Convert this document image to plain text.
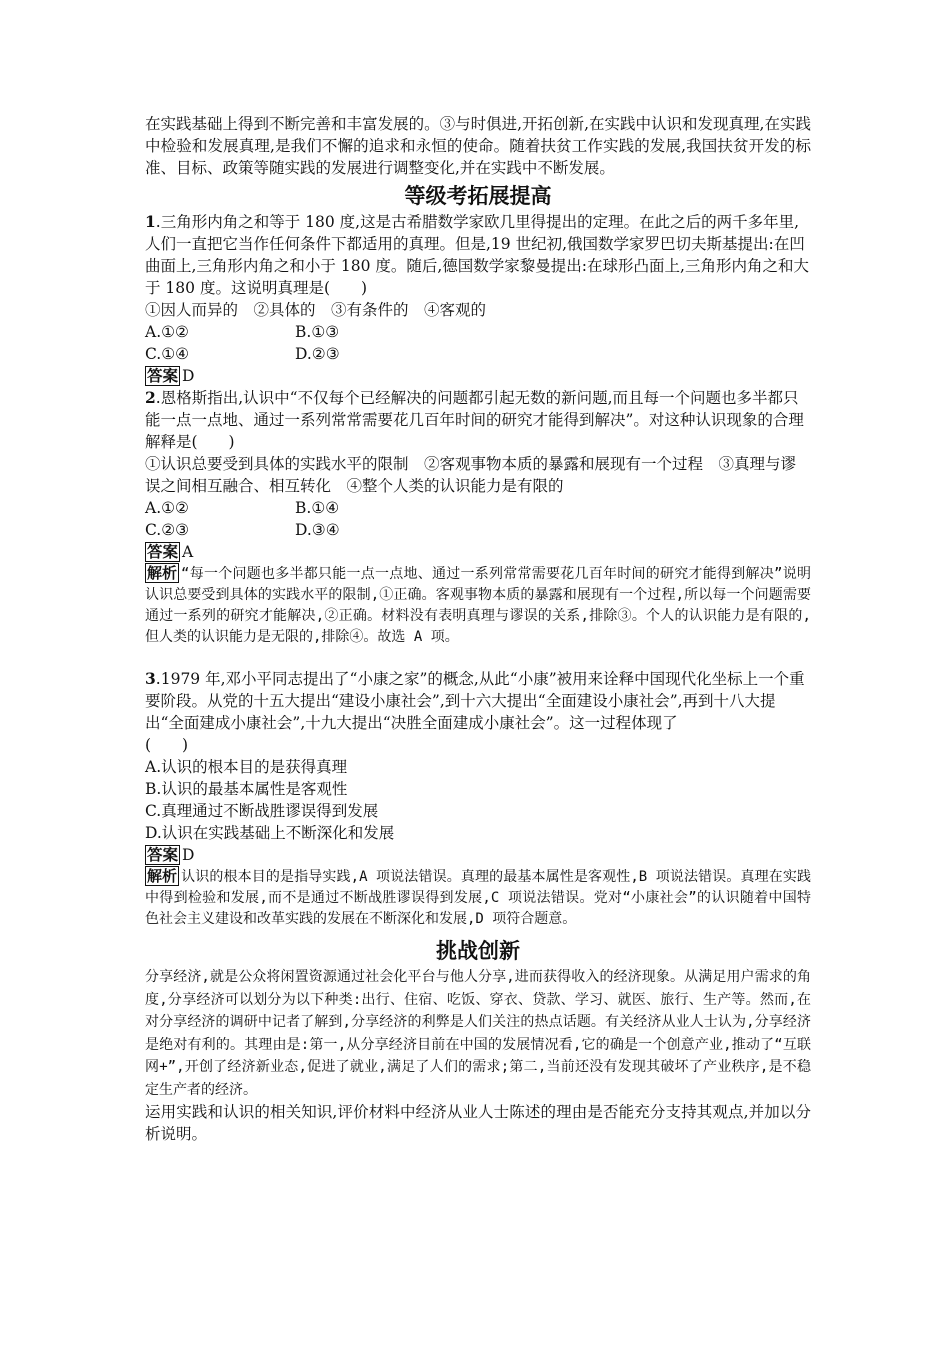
在实践基础上得到不断完善和丰富发展的。③与时俱进,开拓创新,在实践中认识和发现真理,在实践中检验和发展真理,是我们不懈的追求和永恒的使命。随着扶贫工作实践的发展,我国扶贫开发的标准、目标、政策等随实践的发展进行调整变化,并在实践中不断发展。

等级考拓展提高

1.三角形内角之和等于 180 度,这是古希腊数学家欧几里得提出的定理。在此之后的两千多年里,人们一直把它当作任何条件下都适用的真理。但是,19 世纪初,俄国数学家罗巴切夫斯基提出:在凹曲面上,三角形内角之和小于 180 度。随后,德国数学家黎曼提出:在球形凸面上,三角形内角之和大于 180 度。这说明真理是(　　)

①因人而异的　②具体的　③有条件的　④客观的

A.①②	B.①③
C.①④	D.②③

答案 D

2.恩格斯指出,认识中“不仅每个已经解决的问题都引起无数的新问题,而且每一个问题也多半都只能一点一点地、通过一系列常常需要花几百年时间的研究才能得到解决”。对这种认识现象的合理解释是(　　)

①认识总要受到具体的实践水平的限制　②客观事物本质的暴露和展现有一个过程　③真理与谬误之间相互融合、相互转化　④整个人类的认识能力是有限的

A.①②	B.①④
C.②③	D.③④

答案 A

解析 “每一个问题也多半都只能一点一点地、通过一系列常常需要花几百年时间的研究才能得到解决”说明认识总要受到具体的实践水平的限制,①正确。客观事物本质的暴露和展现有一个过程,所以每一个问题需要通过一系列的研究才能解决,②正确。材料没有表明真理与谬误的关系,排除③。个人的认识能力是有限的,但人类的认识能力是无限的,排除④。故选 A 项。

3.1979 年,邓小平同志提出了“小康之家”的概念,从此“小康”被用来诠释中国现代化坐标上一个重要阶段。从党的十五大提出“建设小康社会”,到十六大提出“全面建设小康社会”,再到十八大提出“全面建成小康社会”,十九大提出“决胜全面建成小康社会”。这一过程体现了

(　　)

A.认识的根本目的是获得真理

B.认识的最基本属性是客观性

C.真理通过不断战胜谬误得到发展

D.认识在实践基础上不断深化和发展

答案 D

解析 认识的根本目的是指导实践,A 项说法错误。真理的最基本属性是客观性,B 项说法错误。真理在实践中得到检验和发展,而不是通过不断战胜谬误得到发展,C 项说法错误。党对“小康社会”的认识随着中国特色社会主义建设和改革实践的发展在不断深化和发展,D 项符合题意。

挑战创新

分享经济,就是公众将闲置资源通过社会化平台与他人分享,进而获得收入的经济现象。从满足用户需求的角度,分享经济可以划分为以下种类:出行、住宿、吃饭、穿衣、贷款、学习、就医、旅行、生产等。然而,在对分享经济的调研中记者了解到,分享经济的利弊是人们关注的热点话题。有关经济从业人士认为,分享经济是绝对有利的。其理由是:第一,从分享经济目前在中国的发展情况看,它的确是一个创意产业,推动了“互联网+”,开创了经济新业态,促进了就业,满足了人们的需求;第二,当前还没有发现其破坏了产业秩序,是不稳定生产者的经济。

运用实践和认识的相关知识,评价材料中经济从业人士陈述的理由是否能充分支持其观点,并加以分析说明。
